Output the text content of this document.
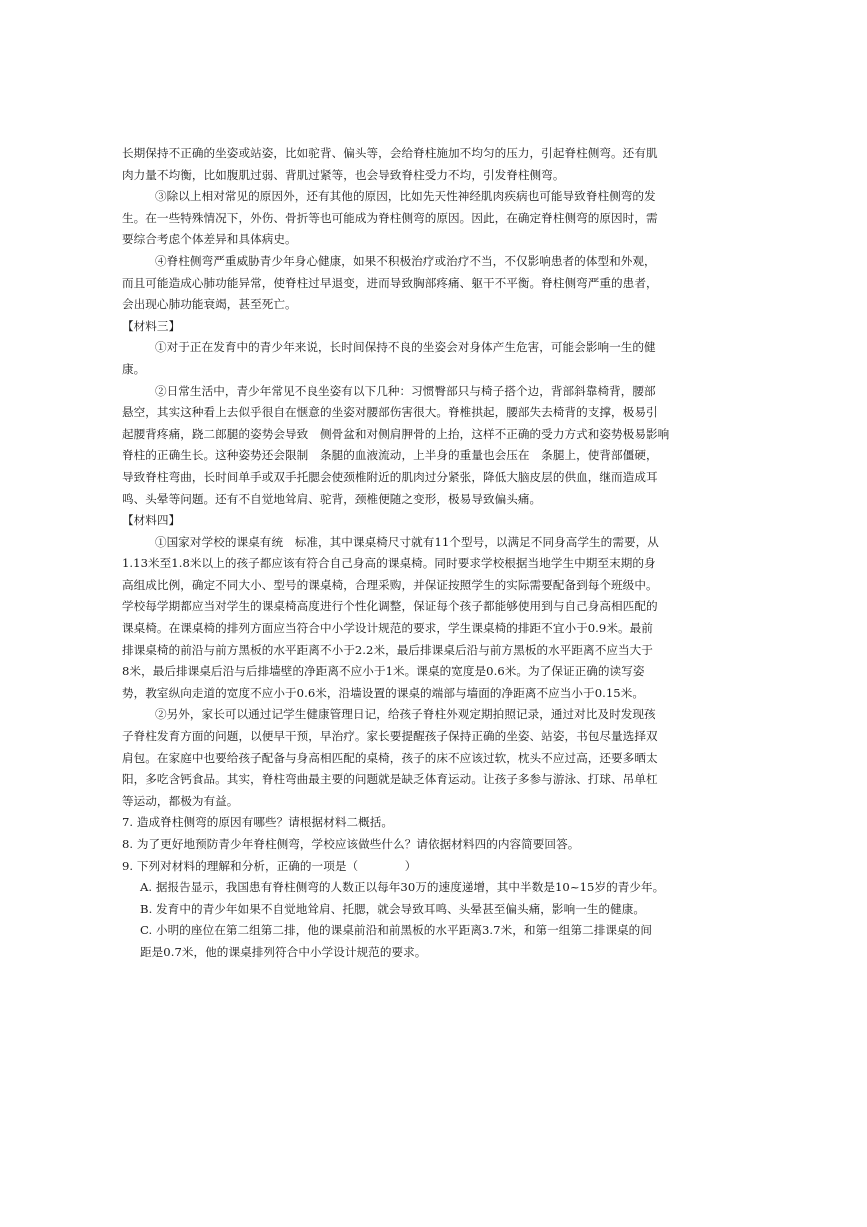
长期保持不正确的坐姿或站姿，比如驼背、偏头等，会给脊柱施加不均匀的压力，引起脊柱侧弯。还有肌
肉力量不均衡，比如腹肌过弱、背肌过紧等，也会导致脊柱受力不均，引发脊柱侧弯。
③除以上相对常见的原因外，还有其他的原因，比如先天性神经肌肉疾病也可能导致脊柱侧弯的发
生。在一些特殊情况下，外伤、骨折等也可能成为脊柱侧弯的原因。因此，在确定脊柱侧弯的原因时，需
要综合考虑个体差异和具体病史。
④脊柱侧弯严重威胁青少年身心健康，如果不积极治疗或治疗不当，不仅影响患者的体型和外观，
而且可能造成心肺功能异常，使脊柱过早退变，进而导致胸部疼痛、躯干不平衡。脊柱侧弯严重的患者，
会出现心肺功能衰竭，甚至死亡。
【材料三】
①对于正在发育中的青少年来说，长时间保持不良的坐姿会对身体产生危害，可能会影响一生的健
康。
②日常生活中，青少年常见不良坐姿有以下几种：习惯臀部只与椅子搭个边，背部斜靠椅背，腰部
悬空，其实这种看上去似乎很自在惬意的坐姿对腰部伤害很大。脊椎拱起，腰部失去椅背的支撑，极易引
起腰背疼痛，跷二郎腿的姿势会导致　侧骨盆和对侧肩胛骨的上抬，这样不正确的受力方式和姿势极易影响
脊柱的正确生长。这种姿势还会限制　条腿的血液流动，上半身的重量也会压在　条腿上，使背部僵硬，
导致脊柱弯曲，长时间单手或双手托腮会使颈椎附近的肌肉过分紧张，降低大脑皮层的供血，继而造成耳
鸣、头晕等问题。还有不自觉地耸肩、驼背，颈椎便随之变形，极易导致偏头痛。
【材料四】
①国家对学校的课桌有统　标准，其中课桌椅尺寸就有11个型号，以满足不同身高学生的需要，从
1.13米至1.8米以上的孩子都应该有符合自己身高的课桌椅。同时要求学校根据当地学生中期至末期的身
高组成比例，确定不同大小、型号的课桌椅，合理采购，并保证按照学生的实际需要配备到每个班级中。
学校每学期都应当对学生的课桌椅高度进行个性化调整，保证每个孩子都能够使用到与自己身高相匹配的
课桌椅。在课桌椅的排列方面应当符合中小学设计规范的要求，学生课桌椅的排距不宜小于0.9米。最前
排课桌椅的前沿与前方黑板的水平距离不小于2.2米，最后排课桌后沿与前方黑板的水平距离不应当大于
8米，最后排课桌后沿与后排墙壁的净距离不应小于1米。课桌的宽度是0.6米。为了保证正确的读写姿
势，教室纵向走道的宽度不应小于0.6米，沿墙设置的课桌的端部与墙面的净距离不应当小于0.15米。
②另外，家长可以通过记学生健康管理日记，给孩子脊柱外观定期拍照记录，通过对比及时发现孩
子脊柱发育方面的问题，以便早干预，早治疗。家长要提醒孩子保持正确的坐姿、站姿，书包尽量选择双
肩包。在家庭中也要给孩子配备与身高相匹配的桌椅，孩子的床不应该过软，枕头不应过高，还要多晒太
阳，多吃含钙食品。其实，脊柱弯曲最主要的问题就是缺乏体育运动。让孩子多参与游泳、打球、吊单杠
等运动，都极为有益。
7. 造成脊柱侧弯的原因有哪些？请根据材料二概括。
8. 为了更好地预防青少年脊柱侧弯，学校应该做些什么？请依据材料四的内容简要回答。
9. 下列对材料的理解和分析，正确的一项是（　　　　）
A. 据报告显示，我国患有脊柱侧弯的人数正以每年30万的速度递增，其中半数是10~15岁的青少年。
B. 发育中的青少年如果不自觉地耸肩、托腮，就会导致耳鸣、头晕甚至偏头痛，影响一生的健康。
C. 小明的座位在第二组第二排，他的课桌前沿和前黑板的水平距离3.7米，和第一组第二排课桌的间
距是0.7米，他的课桌排列符合中小学设计规范的要求。
